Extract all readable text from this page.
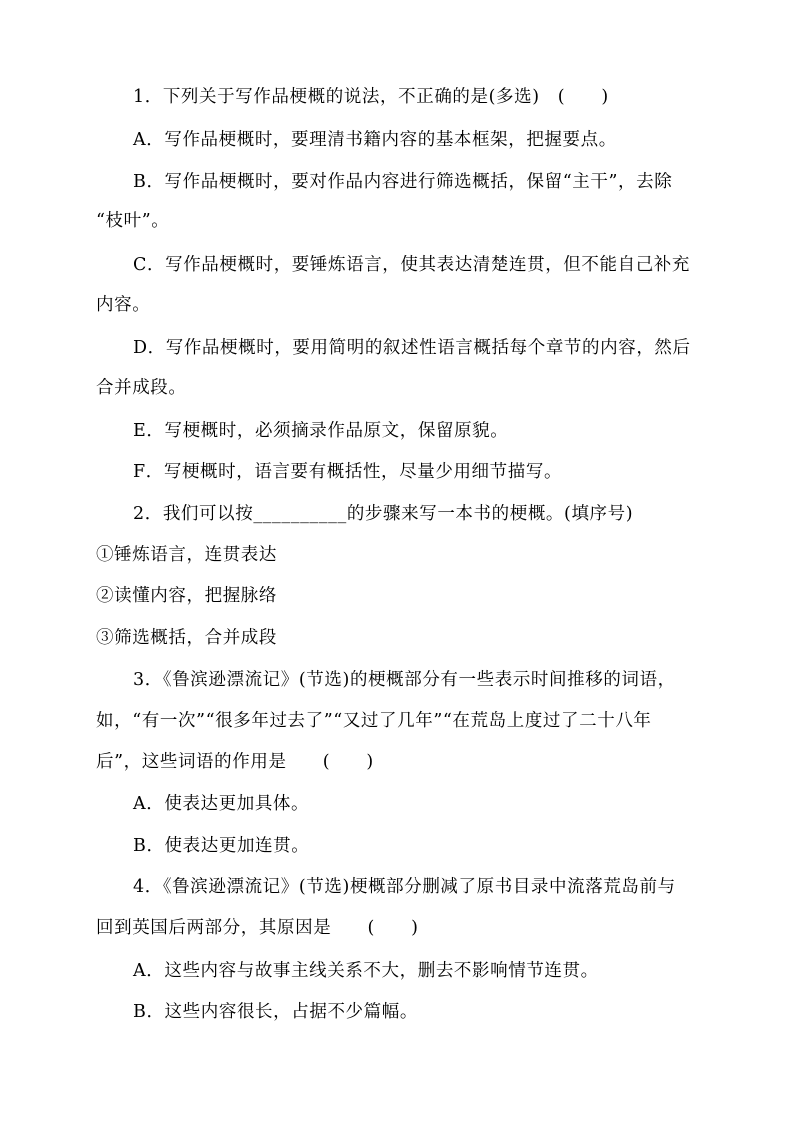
1．下列关于写作品梗概的说法，不正确的是(多选)　(　　)
A．写作品梗概时，要理清书籍内容的基本框架，把握要点。
B．写作品梗概时，要对作品内容进行筛选概括，保留“主干”，去除
“枝叶”。
C．写作品梗概时，要锤炼语言，使其表达清楚连贯，但不能自己补充
内容。
D．写作品梗概时，要用简明的叙述性语言概括每个章节的内容，然后
合并成段。
E．写梗概时，必须摘录作品原文，保留原貌。
F．写梗概时，语言要有概括性，尽量少用细节描写。
2．我们可以按__________的步骤来写一本书的梗概。(填序号)
①锤炼语言，连贯表达
②读懂内容，把握脉络
③筛选概括，合并成段
3．《鲁滨逊漂流记》(节选)的梗概部分有一些表示时间推移的词语，
如，“有一次”“很多年过去了”“又过了几年”“在荒岛上度过了二十八年
后”，这些词语的作用是　　(　　)
A．使表达更加具体。
B．使表达更加连贯。
4．《鲁滨逊漂流记》(节选)梗概部分删减了原书目录中流落荒岛前与
回到英国后两部分，其原因是　　(　　)
A．这些内容与故事主线关系不大，删去不影响情节连贯。
B．这些内容很长，占据不少篇幅。
